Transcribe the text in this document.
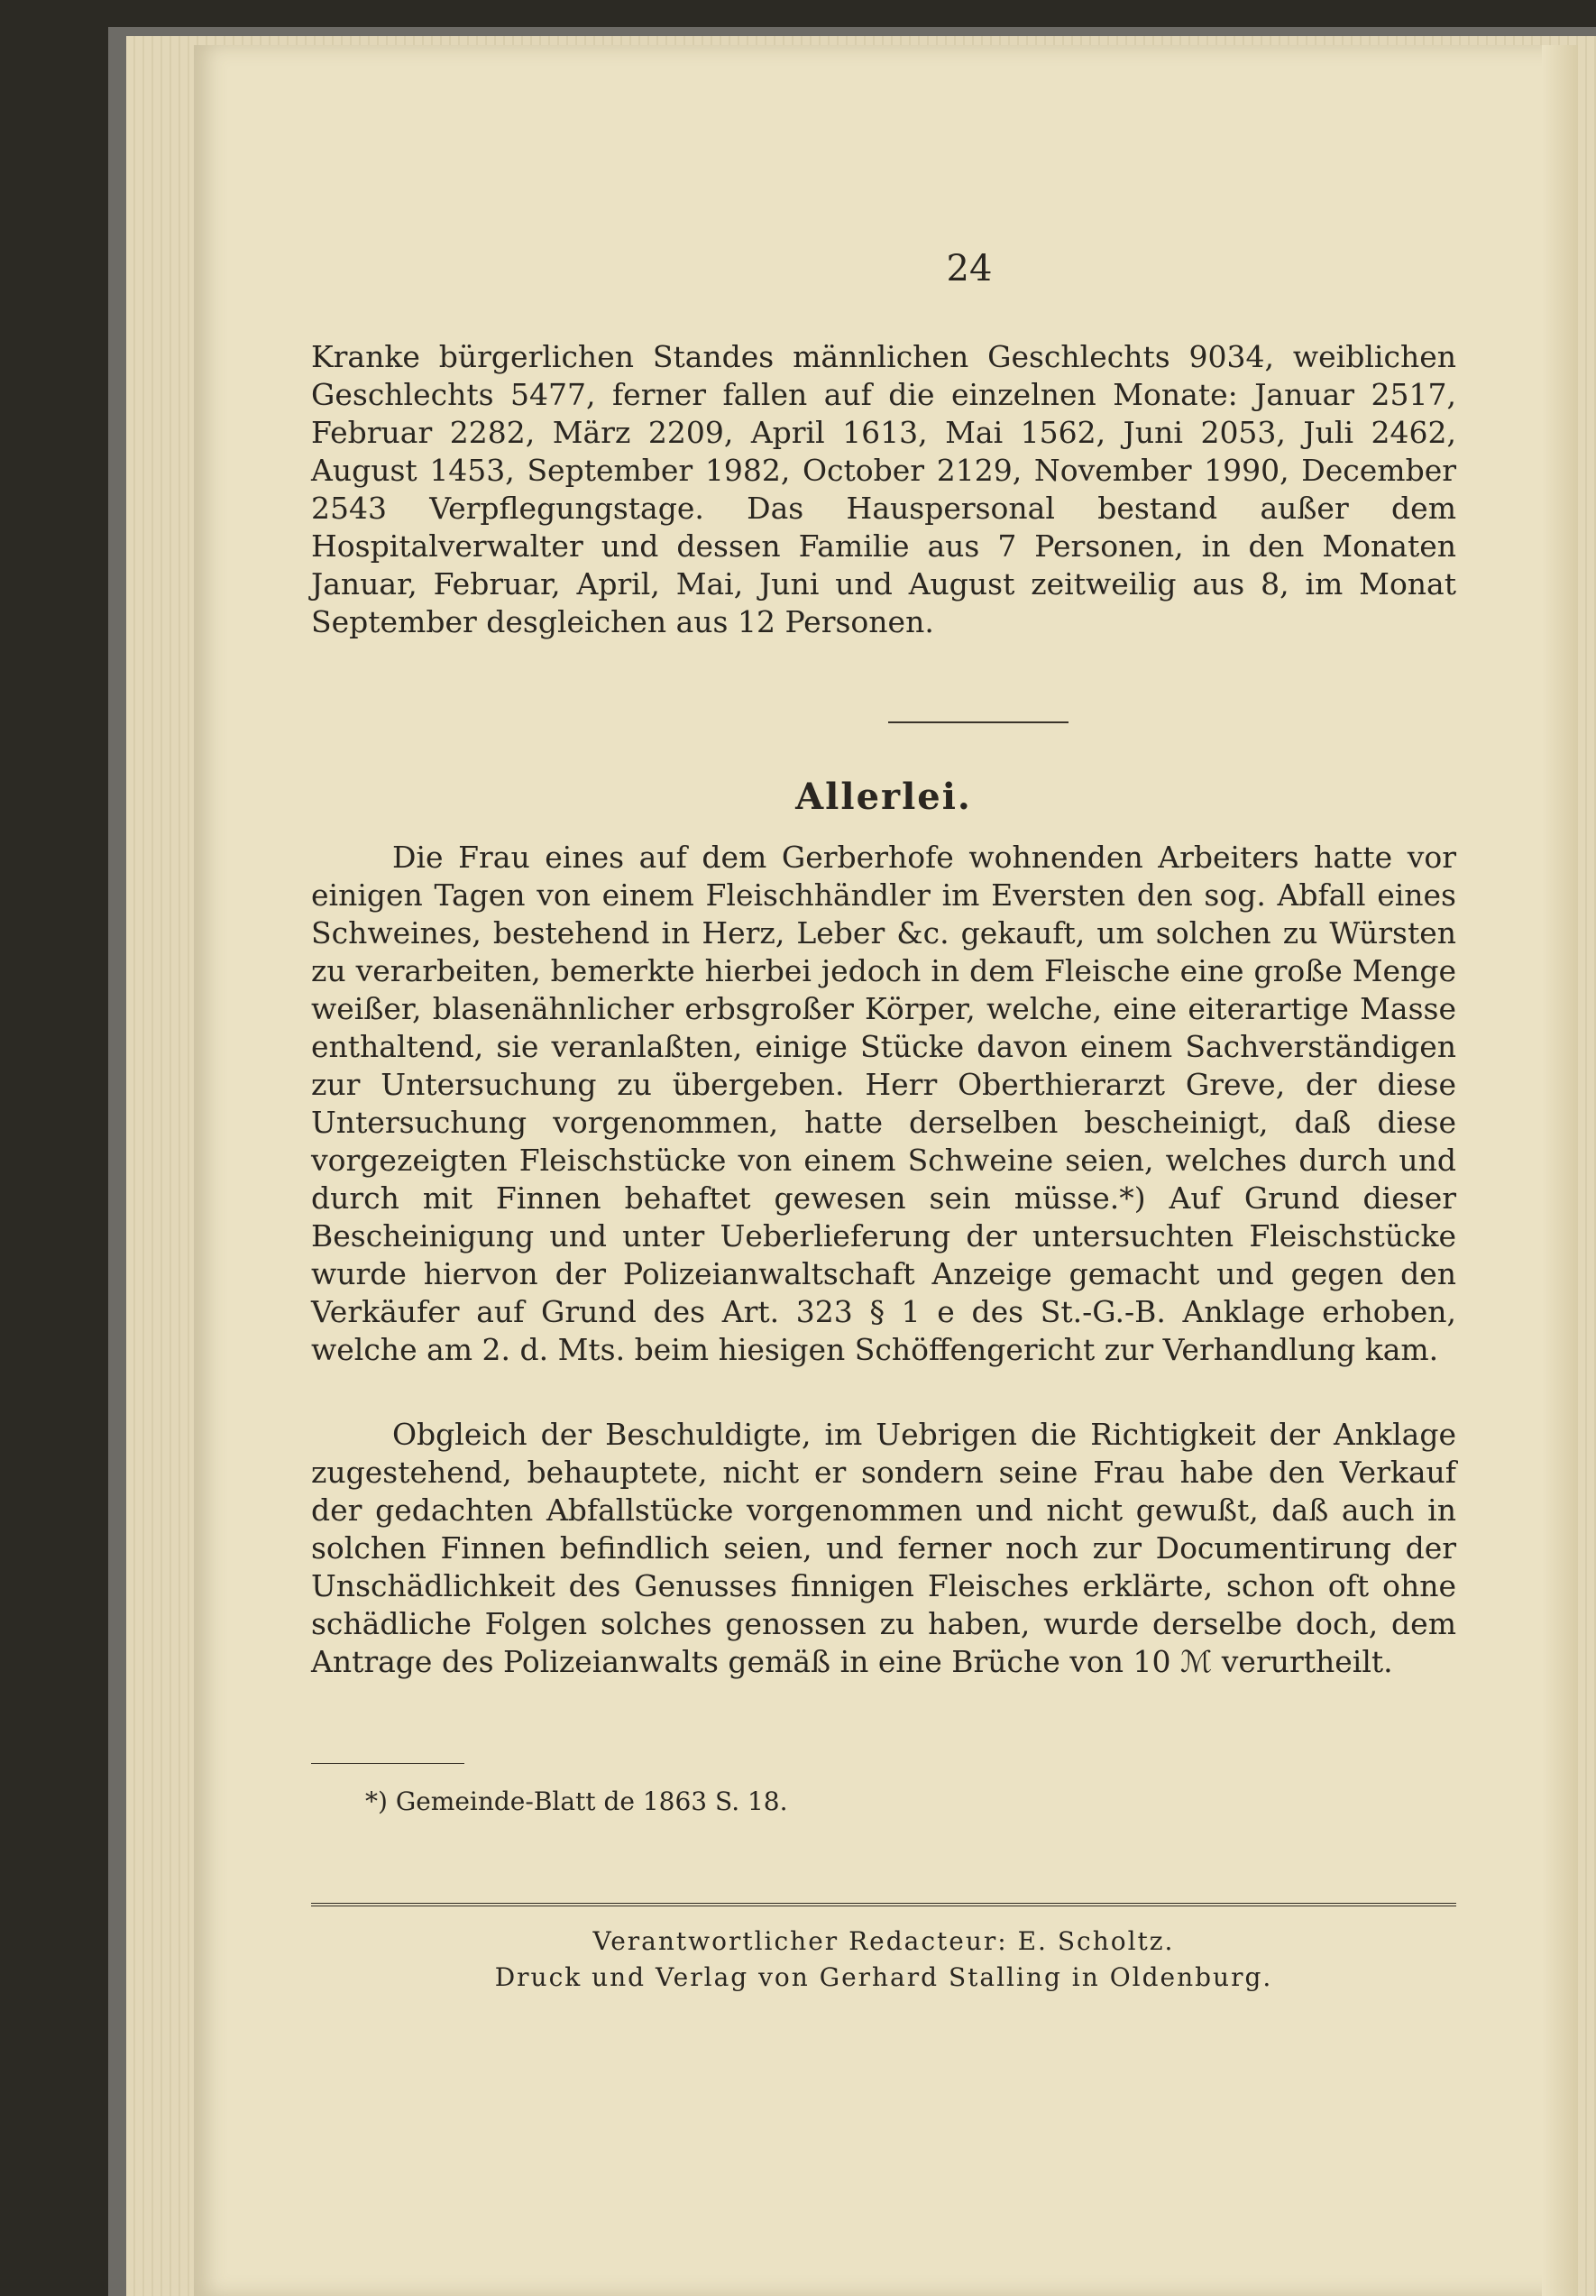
24

Kranke bürgerlichen Standes männlichen Geschlechts 9034, weiblichen Geschlechts 5477, ferner fallen auf die einzelnen Monate: Januar 2517, Februar 2282, März 2209, April 1613, Mai 1562, Juni 2053, Juli 2462, August 1453, September 1982, October 2129, November 1990, December 2543 Verpflegungstage. Das Hauspersonal bestand außer dem Hospitalverwalter und dessen Familie aus 7 Personen, in den Monaten Januar, Februar, April, Mai, Juni und August zeitweilig aus 8, im Monat September desgleichen aus 12 Personen.

Allerlei.

Die Frau eines auf dem Gerberhofe wohnenden Arbeiters hatte vor einigen Tagen von einem Fleischhändler im Eversten den sog. Abfall eines Schweines, bestehend in Herz, Leber &c. gekauft, um solchen zu Würsten zu verarbeiten, bemerkte hierbei jedoch in dem Fleische eine große Menge weißer, blasenähnlicher erbsgroßer Körper, welche, eine eiterartige Masse enthaltend, sie veranlaßten, einige Stücke davon einem Sachverständigen zur Untersuchung zu übergeben. Herr Oberthierarzt Greve, der diese Untersuchung vorgenommen, hatte derselben bescheinigt, daß diese vorgezeigten Fleischstücke von einem Schweine seien, welches durch und durch mit Finnen behaftet gewesen sein müsse.*) Auf Grund dieser Bescheinigung und unter Ueberlieferung der untersuchten Fleischstücke wurde hiervon der Polizeianwaltschaft Anzeige gemacht und gegen den Verkäufer auf Grund des Art. 323 § 1 e des St.-G.-B. Anklage erhoben, welche am 2. d. Mts. beim hiesigen Schöffengericht zur Verhandlung kam.

Obgleich der Beschuldigte, im Uebrigen die Richtigkeit der Anklage zugestehend, behauptete, nicht er sondern seine Frau habe den Verkauf der gedachten Abfallstücke vorgenommen und nicht gewußt, daß auch in solchen Finnen befindlich seien, und ferner noch zur Documentirung der Unschädlichkeit des Genusses finnigen Fleisches erklärte, schon oft ohne schädliche Folgen solches genossen zu haben, wurde derselbe doch, dem Antrage des Polizeianwalts gemäß in eine Brüche von 10 ℳ verurtheilt.

*) Gemeinde-Blatt de 1863 S. 18.
Verantwortlicher Redacteur: E. Scholtz.
Druck und Verlag von Gerhard Stalling in Oldenburg.
